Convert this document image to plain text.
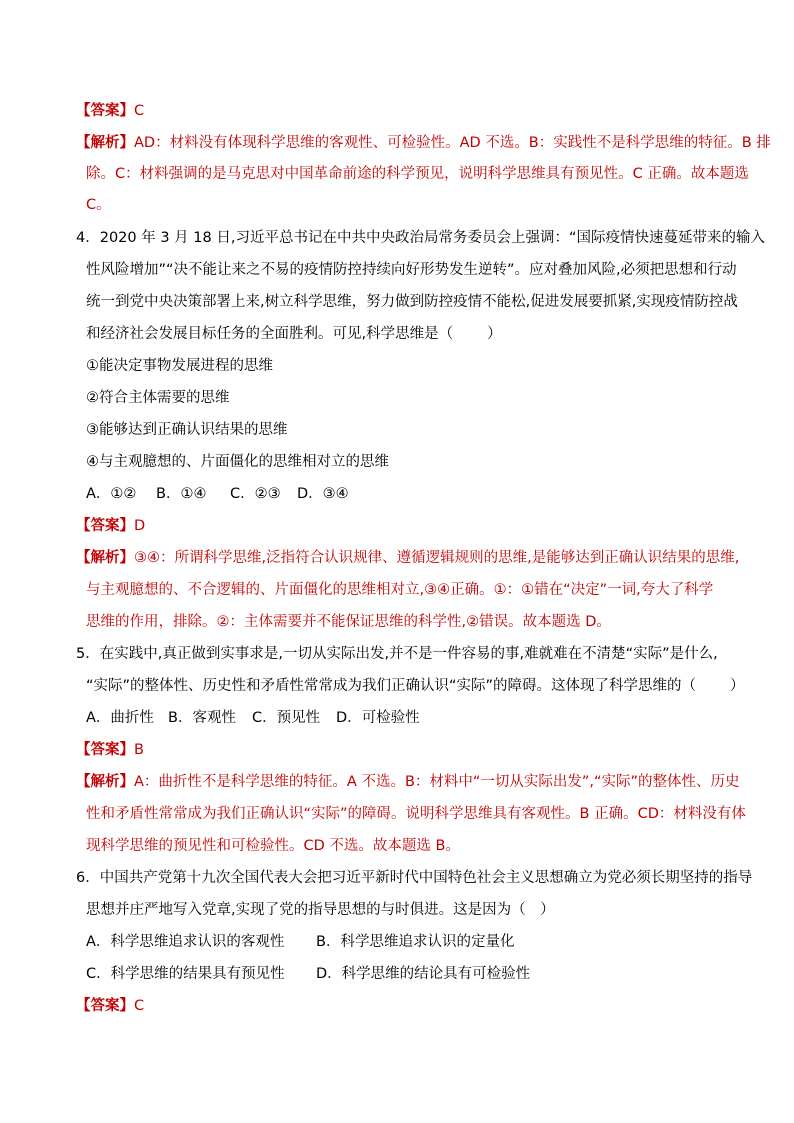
【答案】C
【解析】AD：材料没有体现科学思维的客观性、可检验性。AD 不选。B：实践性不是科学思维的特征。B 排
除。C：材料强调的是马克思对中国革命前途的科学预见，说明科学思维具有预见性。C 正确。故本题选
C。
4．2020 年 3 月 18 日,习近平总书记在中共中央政治局常务委员会上强调：“国际疫情快速蔓延带来的输入
性风险增加”“决不能让来之不易的疫情防控持续向好形势发生逆转”。应对叠加风险,必须把思想和行动
统一到党中央决策部署上来,树立科学思维，努力做到防控疫情不能松,促进发展要抓紧,实现疫情防控战
和经济社会发展目标任务的全面胜利。可见,科学思维是（ ）
①能决定事物发展进程的思维
②符合主体需要的思维
③能够达到正确认识结果的思维
④与主观臆想的、片面僵化的思维相对立的思维
A．①② B．①④ C．②③ D．③④
【答案】D
【解析】③④：所谓科学思维,泛指符合认识规律、遵循逻辑规则的思维,是能够达到正确认识结果的思维,
与主观臆想的、不合逻辑的、片面僵化的思维相对立,③④正确。①：①错在“决定”一词,夸大了科学
思维的作用，排除。②：主体需要并不能保证思维的科学性,②错误。故本题选 D。
5．在实践中,真正做到实事求是,一切从实际出发,并不是一件容易的事,难就难在不清楚“实际”是什么,
“实际”的整体性、历史性和矛盾性常常成为我们正确认识“实际”的障碍。这体现了科学思维的（ ）
A．曲折性 B．客观性 C．预见性 D．可检验性
【答案】B
【解析】A：曲折性不是科学思维的特征。A 不选。B：材料中“一切从实际出发”,“实际”的整体性、历史
性和矛盾性常常成为我们正确认识“实际”的障碍。说明科学思维具有客观性。B 正确。CD：材料没有体
现科学思维的预见性和可检验性。CD 不选。故本题选 B。
6．中国共产党第十九次全国代表大会把习近平新时代中国特色社会主义思想确立为党必须长期坚持的指导
思想并庄严地写入党章,实现了党的指导思想的与时俱进。这是因为（　）
A．科学思维追求认识的客观性 B．科学思维追求认识的定量化
C．科学思维的结果具有预见性 D．科学思维的结论具有可检验性
【答案】C
